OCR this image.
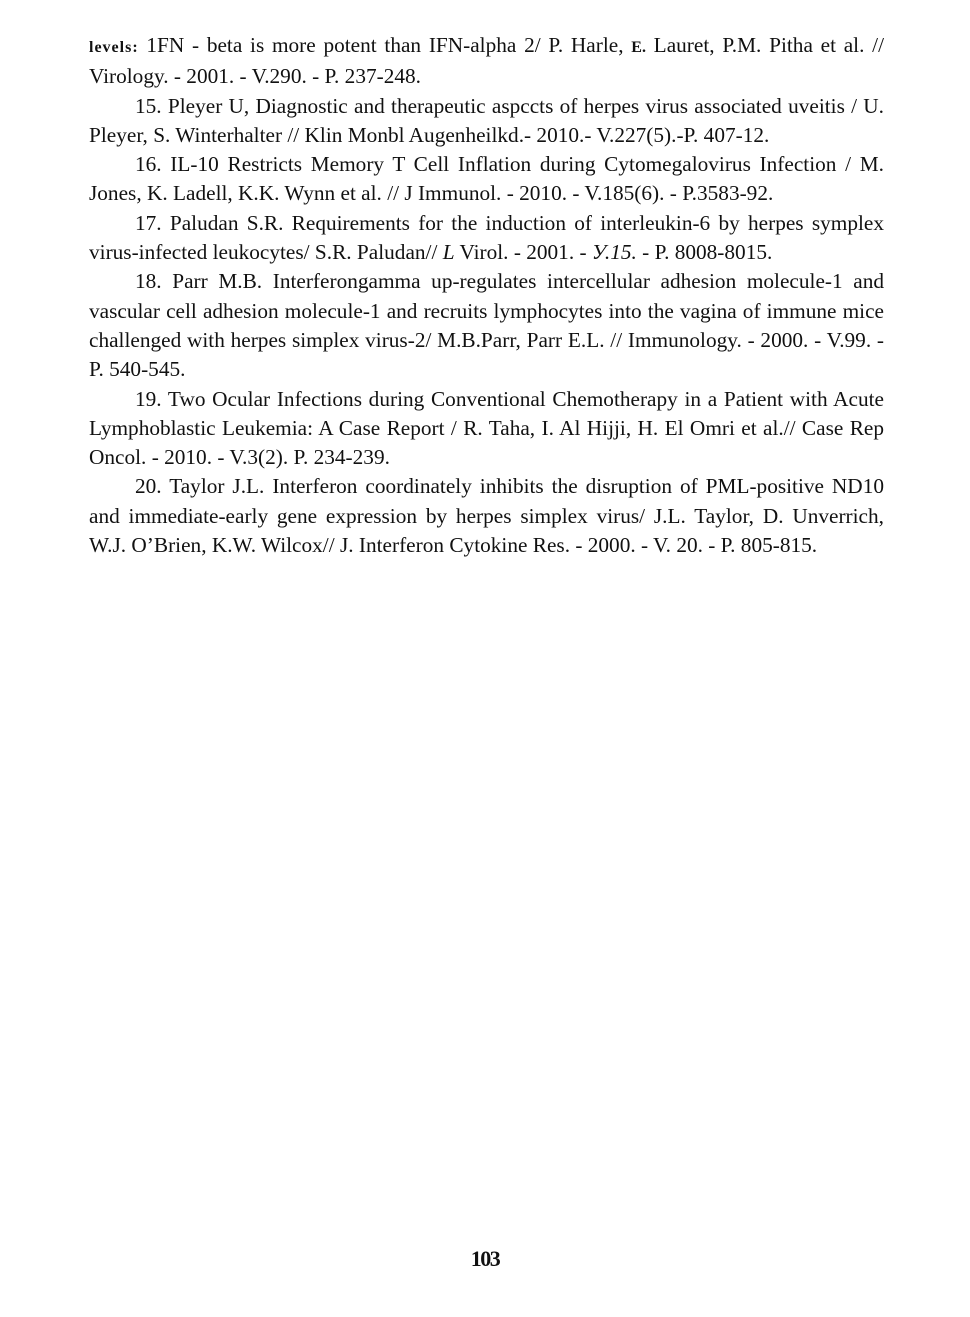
levels: 1FN - beta is more potent than IFN-alpha 2/ P. Harle, E. Lauret, P.M. Pitha et al. // Virology. - 2001. - V.290. - P. 237-248.

15. Pleyer U, Diagnostic and therapeutic aspccts of herpes virus associated uveitis / U. Pleyer, S. Winterhalter // Klin Monbl Augenheilkd.- 2010.- V.227(5).-P. 407-12.

16. IL-10 Restricts Memory T Cell Inflation during Cytomegalovirus Infection / M. Jones, K. Ladell, K.K. Wynn et al. // J Immunol. - 2010. - V.185(6). - P.3583-92.

17. Paludan S.R. Requirements for the induction of interleukin-6 by herpes symplex virus-infected leukocytes/ S.R. Paludan// L Virol. - 2001. - У.15. - P. 8008-8015.

18. Parr M.B. Interferongamma up-regulates intercellular adhesion molecule-1 and vascular cell adhesion molecule-1 and recruits lymphocytes into the vagina of immune mice challenged with herpes simplex virus-2/ M.B.Parr, Parr E.L. // Immunology. - 2000. - V.99. - P. 540-545.

19. Two Ocular Infections during Conventional Chemotherapy in a Patient with Acute Lymphoblastic Leukemia: A Case Report / R. Taha, I. Al Hijji, H. El Omri et al.// Case Rep Oncol. - 2010. - V.3(2). P. 234-239.

20. Taylor J.L. Interferon coordinately inhibits the disruption of PML-positive ND10 and immediate-early gene expression by herpes simplex virus/ J.L. Taylor, D. Unverrich, W.J. O’Brien, K.W. Wilcox// J. Interferon Cytokine Res. - 2000. - V. 20. - P. 805-815.

103
